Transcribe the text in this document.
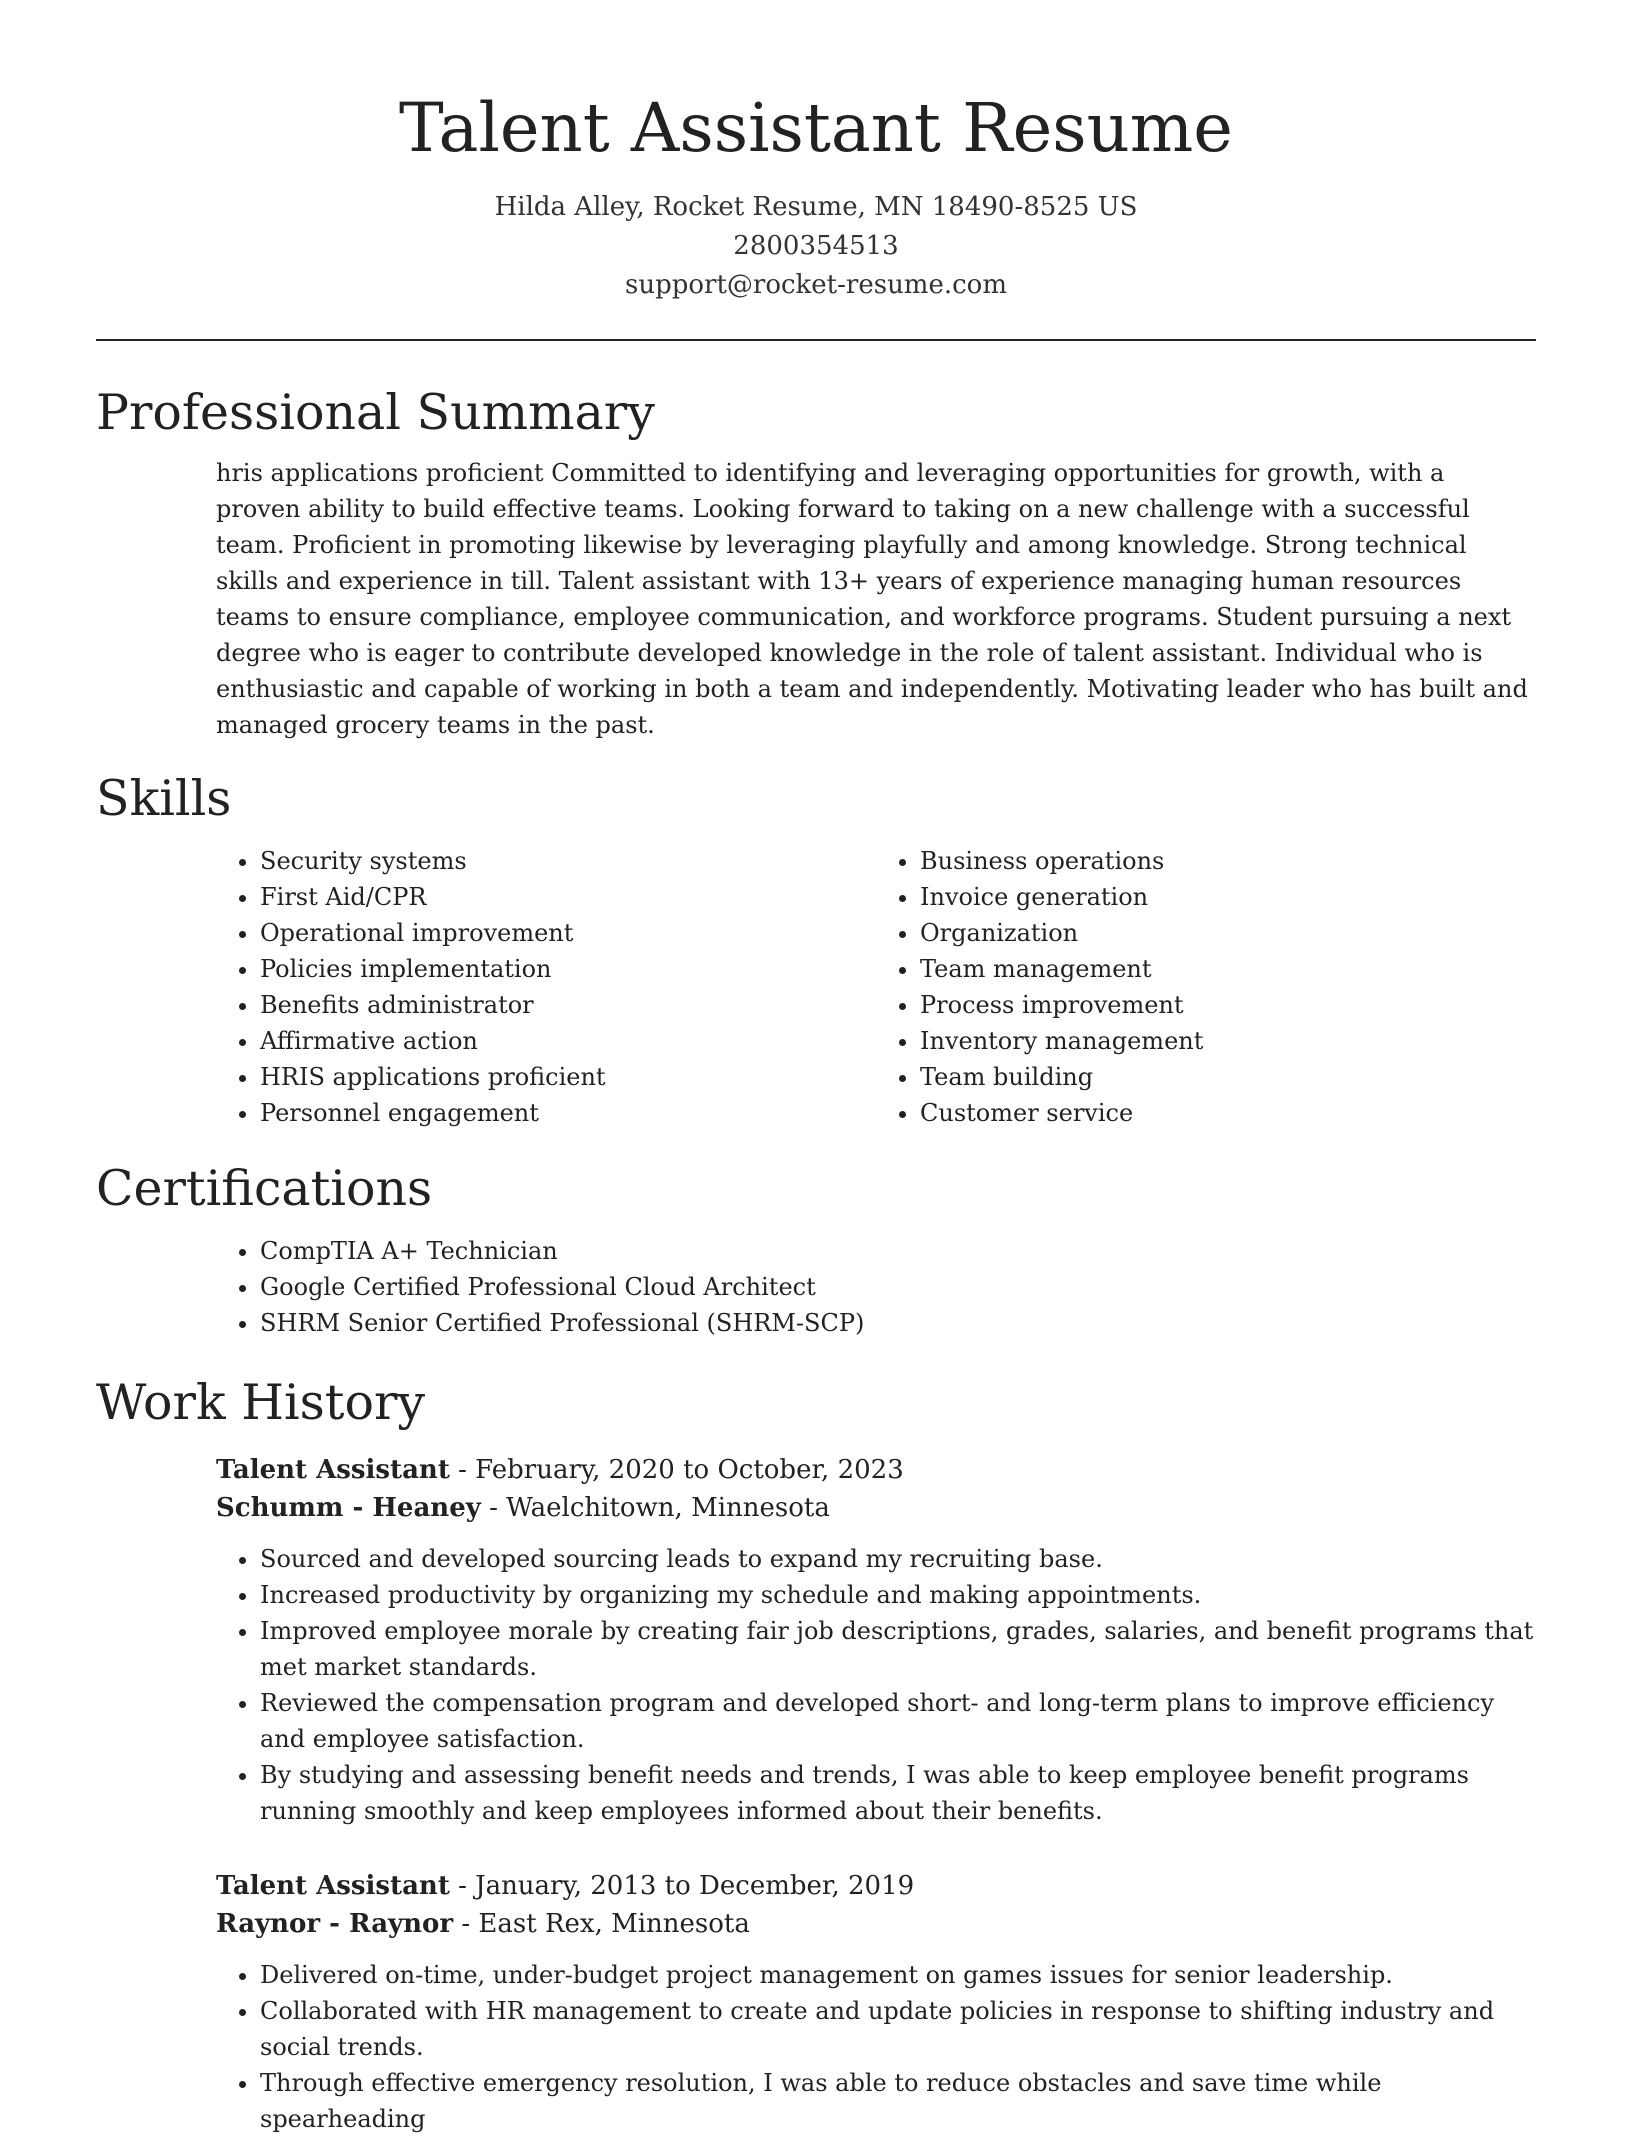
Talent Assistant Resume

Hilda Alley, Rocket Resume, MN 18490-8525 US

2800354513

support@rocket-resume.com

Professional Summary

hris applications proficient Committed to identifying and leveraging opportunities for growth, with a proven ability to build effective teams. Looking forward to taking on a new challenge with a successful team. Proficient in promoting likewise by leveraging playfully and among knowledge. Strong technical skills and experience in till. Talent assistant with 13+ years of experience managing human resources teams to ensure compliance, employee communication, and workforce programs. Student pursuing a next degree who is eager to contribute developed knowledge in the role of talent assistant. Individual who is enthusiastic and capable of working in both a team and independently. Motivating leader who has built and managed grocery teams in the past.

Skills
• Security systems
• First Aid/CPR
• Operational improvement
• Policies implementation
• Benefits administrator
• Affirmative action
• HRIS applications proficient
• Personnel engagement
• Business operations
• Invoice generation
• Organization
• Team management
• Process improvement
• Inventory management
• Team building
• Customer service
Certifications
• CompTIA A+ Technician
• Google Certified Professional Cloud Architect
• SHRM Senior Certified Professional (SHRM-SCP)
Work History

Talent Assistant - February, 2020 to October, 2023

Schumm - Heaney - Waelchitown, Minnesota

• Sourced and developed sourcing leads to expand my recruiting base.
• Increased productivity by organizing my schedule and making appointments.
• Improved employee morale by creating fair job descriptions, grades, salaries, and benefit programs that met market standards.
• Reviewed the compensation program and developed short- and long-term plans to improve efficiency and employee satisfaction.
• By studying and assessing benefit needs and trends, I was able to keep employee benefit programs running smoothly and keep employees informed about their benefits.

Talent Assistant - January, 2013 to December, 2019

Raynor - Raynor - East Rex, Minnesota

• Delivered on-time, under-budget project management on games issues for senior leadership.
• Collaborated with HR management to create and update policies in response to shifting industry and social trends.
• Through effective emergency resolution, I was able to reduce obstacles and save time while spearheading
